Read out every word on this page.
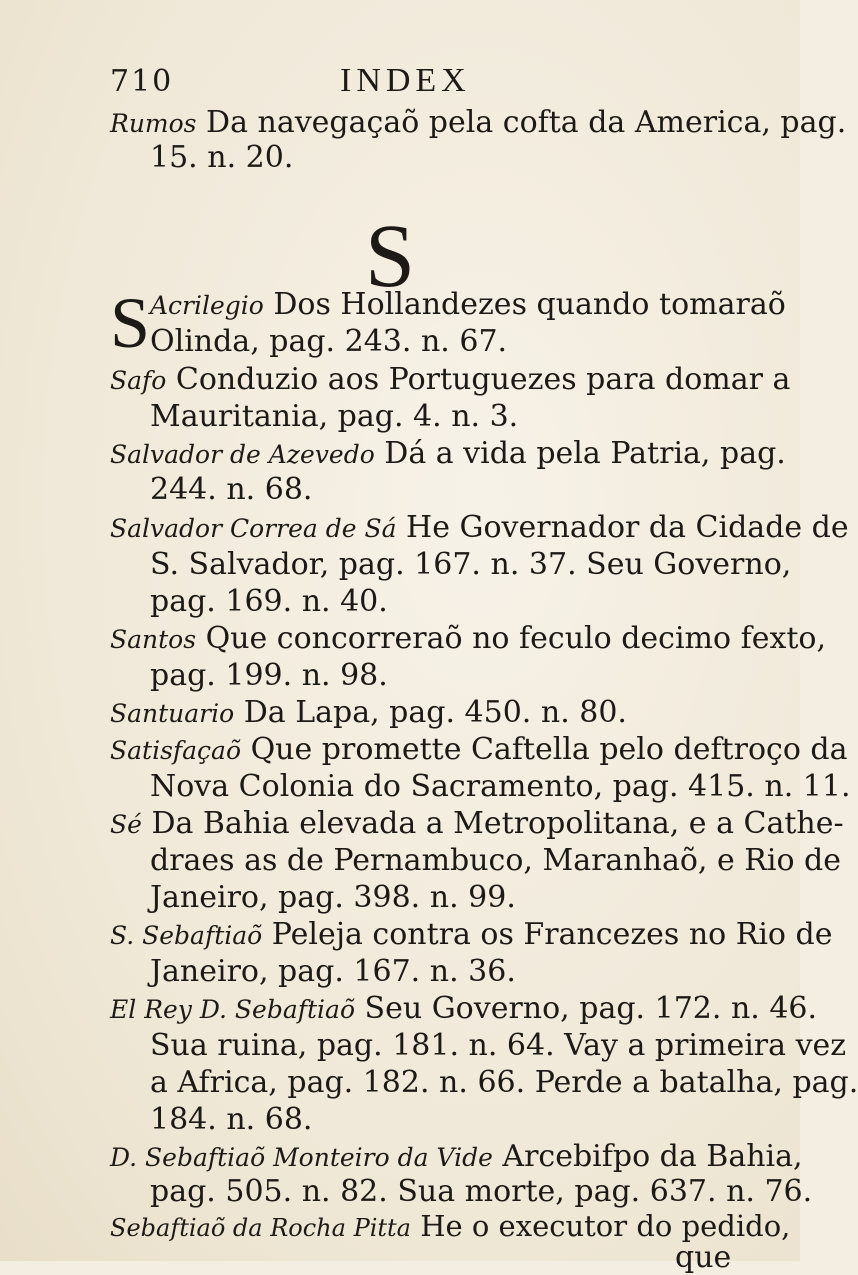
710	INDEX
Rumos Da navegaçaõ pela cofta da America, pag.
15. n. 20.
S
S Acrilegio Dos Hollandezes quando tomaraõ
Olinda, pag. 243. n. 67.
Safo Conduzio aos Portuguezes para domar a
Mauritania, pag. 4. n. 3.
Salvador de Azevedo Dá a vida pela Patria, pag.
244. n. 68.
Salvador Correa de Sá He Governador da Cidade de
S. Salvador, pag. 167. n. 37. Seu Governo,
pag. 169. n. 40.
Santos Que concorreraõ no feculo decimo fexto,
pag. 199. n. 98.
Santuario Da Lapa, pag. 450. n. 80.
Satisfaçaõ Que promette Caftella pelo deftroço da
Nova Colonia do Sacramento, pag. 415. n. 11.
Sé Da Bahia elevada a Metropolitana, e a Cathe-
draes as de Pernambuco, Maranhaõ, e Rio de
Janeiro, pag. 398. n. 99.
S. Sebaftiaõ Peleja contra os Francezes no Rio de
Janeiro, pag. 167. n. 36.
El Rey D. Sebaftiaõ Seu Governo, pag. 172. n. 46.
Sua ruina, pag. 181. n. 64. Vay a primeira vez
a Africa, pag. 182. n. 66. Perde a batalha, pag.
184. n. 68.
D. Sebaftiaõ Monteiro da Vide Arcebifpo da Bahia,
pag. 505. n. 82. Sua morte, pag. 637. n. 76.
Sebaftiaõ da Rocha Pitta He o executor do pedido,
que
